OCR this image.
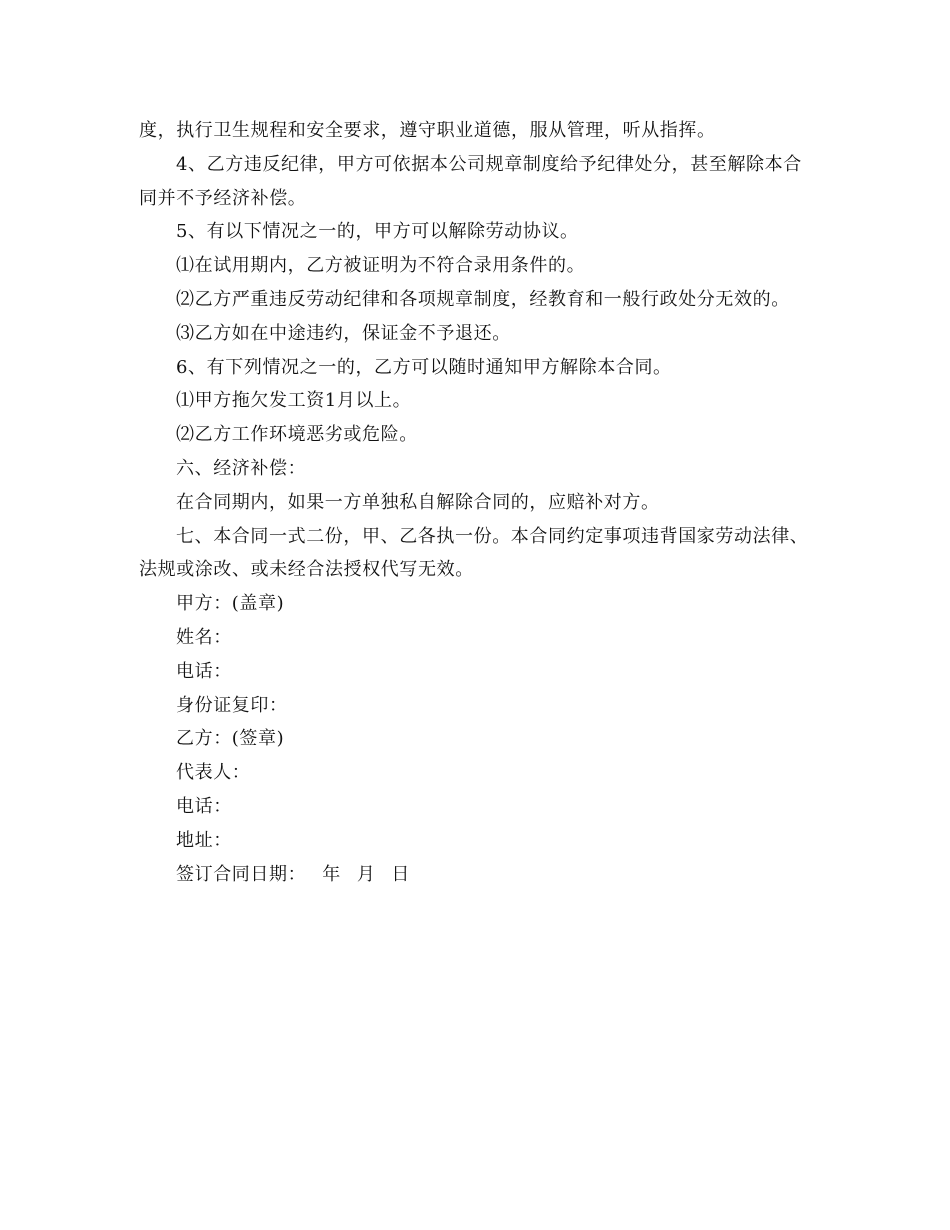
度，执行卫生规程和安全要求，遵守职业道德，服从管理，听从指挥。

4、乙方违反纪律，甲方可依据本公司规章制度给予纪律处分，甚至解除本合

同并不予经济补偿。

5、有以下情况之一的，甲方可以解除劳动协议。

⑴在试用期内，乙方被证明为不符合录用条件的。

⑵乙方严重违反劳动纪律和各项规章制度，经教育和一般行政处分无效的。

⑶乙方如在中途违约，保证金不予退还。

6、有下列情况之一的，乙方可以随时通知甲方解除本合同。

⑴甲方拖欠发工资1月以上。

⑵乙方工作环境恶劣或危险。

六、经济补偿：

在合同期内，如果一方单独私自解除合同的，应赔补对方。

七、本合同一式二份，甲、乙各执一份。本合同约定事项违背国家劳动法律、

法规或涂改、或未经合法授权代写无效。

甲方：(盖章)

姓名：

电话：

身份证复印：

乙方：(签章)

代表人：

电话：

地址：

签订合同日期： 年 月 日
